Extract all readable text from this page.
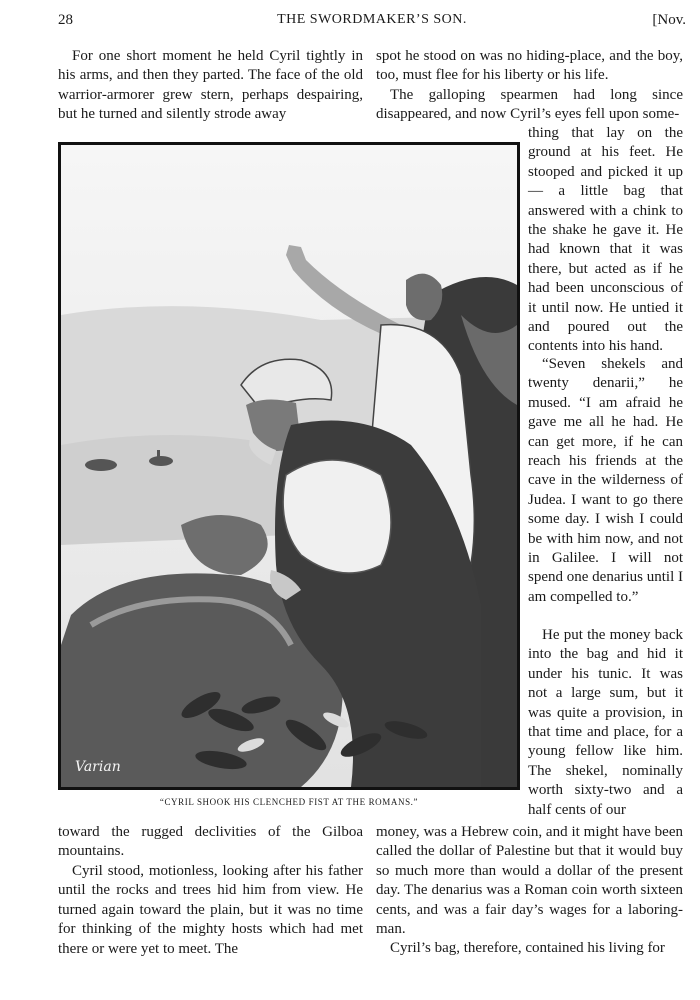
28	THE SWORDMAKER’S SON.	[Nov.

For one short moment he held Cyril tightly in his arms, and then they parted. The face of the old warrior-armorer grew stern, perhaps despairing, but he turned and silently strode away

spot he stood on was no hiding-place, and the boy, too, must flee for his liberty or his life.

The galloping spearmen had long since disappeared, and now Cyril’s eyes fell upon some-

thing that lay on the ground at his feet. He stooped and picked it up — a little bag that answered with a chink to the shake he gave it. He had known that it was there, but acted as if he had been unconscious of it until now. He untied it and poured out the contents into his hand.

“Seven shekels and twenty denarii,” he mused. “I am afraid he gave me all he had. He can get more, if he can reach his friends at the cave in the wilderness of Judea. I want to go there some day. I wish I could be with him now, and not in Galilee. I will not spend one denarius until I am compelled to.”

He put the money back into the bag and hid it under his tunic. It was not a large sum, but it was quite a provision, in that time and place, for a young fellow like him. The shekel, nominally worth sixty-two and a half cents of our

Varian
“CYRIL SHOOK HIS CLENCHED FIST AT THE ROMANS.”

toward the rugged declivities of the Gilboa mountains.

Cyril stood, motionless, looking after his father until the rocks and trees hid him from view. He turned again toward the plain, but it was no time for thinking of the mighty hosts which had met there or were yet to meet. The

money, was a Hebrew coin, and it might have been called the dollar of Palestine but that it would buy so much more than would a dollar of the present day. The denarius was a Roman coin worth sixteen cents, and was a fair day’s wages for a laboring-man.

Cyril’s bag, therefore, contained his living for
